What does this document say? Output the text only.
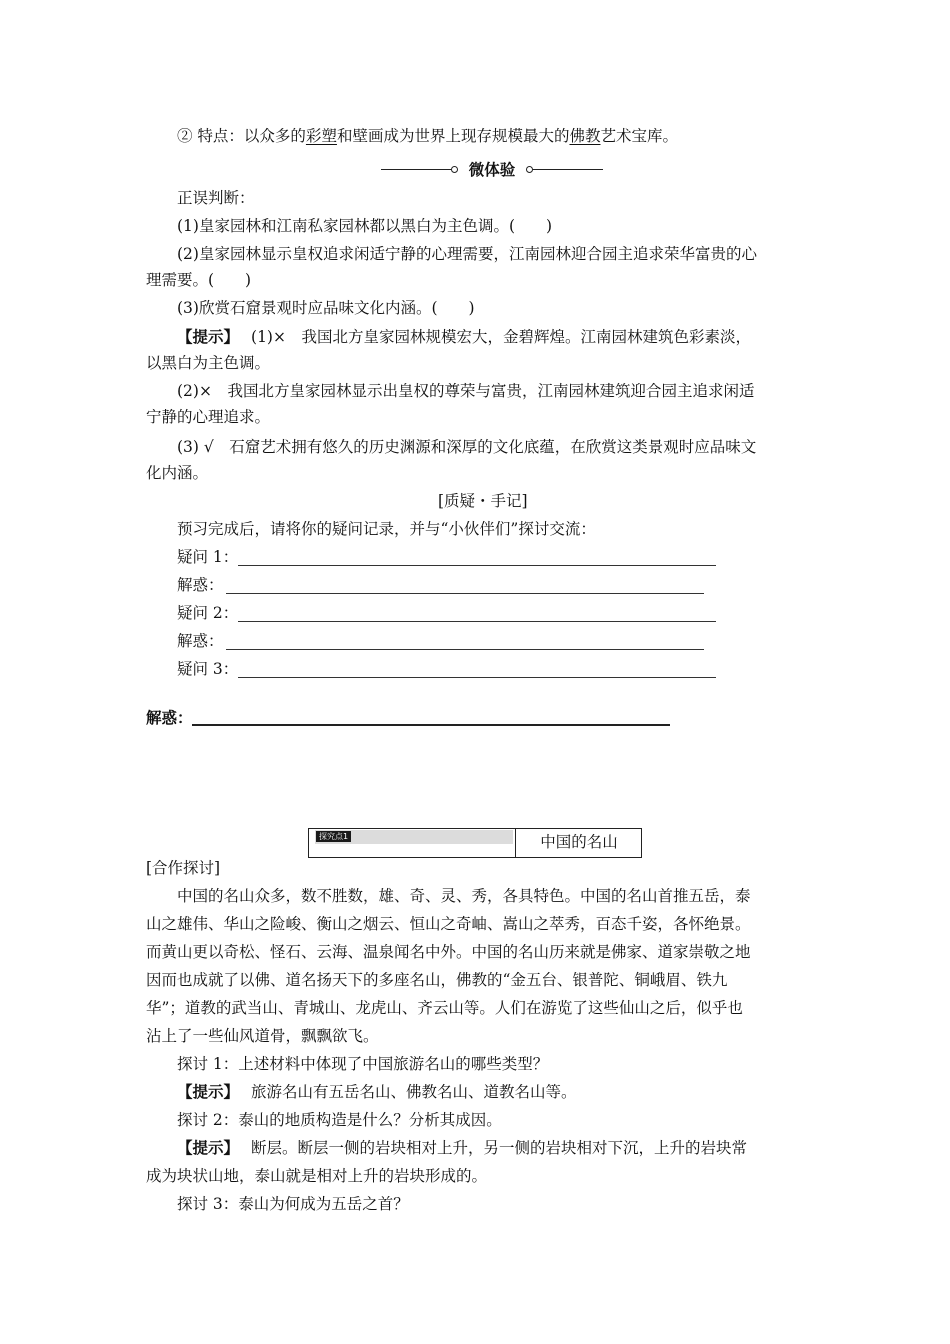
② 特点：以众多的彩塑和壁画成为世界上现存规模最大的佛教艺术宝库。
微体验
正误判断：
(1)皇家园林和江南私家园林都以黑白为主色调。(　　)
(2)皇家园林显示皇权追求闲适宁静的心理需要，江南园林迎合园主追求荣华富贵的心
理需要。(　　)
(3)欣赏石窟景观时应品味文化内涵。(　　)
【提示】 (1)×　我国北方皇家园林规模宏大，金碧辉煌。江南园林建筑色彩素淡，
以黑白为主色调。
(2)×　我国北方皇家园林显示出皇权的尊荣与富贵，江南园林建筑迎合园主追求闲适
宁静的心理追求。
(3) √　石窟艺术拥有悠久的历史渊源和深厚的文化底蕴，在欣赏这类景观时应品味文
化内涵。
[质疑・手记]
预习完成后，请将你的疑问记录，并与“小伙伴们”探讨交流：
疑问 1：
解惑：
疑问 2：
解惑：
疑问 3：
解惑：
探究点1	中国的名山
[合作探讨]
中国的名山众多，数不胜数，雄、奇、灵、秀，各具特色。中国的名山首推五岳，泰
山之雄伟、华山之险峻、衡山之烟云、恒山之奇岫、嵩山之萃秀，百态千姿，各怀绝景。
而黄山更以奇松、怪石、云海、温泉闻名中外。中国的名山历来就是佛家、道家崇敬之地
因而也成就了以佛、道名扬天下的多座名山，佛教的“金五台、银普陀、铜峨眉、铁九
华”；道教的武当山、青城山、龙虎山、齐云山等。人们在游览了这些仙山之后，似乎也
沾上了一些仙风道骨，飘飘欲飞。
探讨 1：上述材料中体现了中国旅游名山的哪些类型？
【提示】 旅游名山有五岳名山、佛教名山、道教名山等。
探讨 2：泰山的地质构造是什么？分析其成因。
【提示】 断层。断层一侧的岩块相对上升，另一侧的岩块相对下沉，上升的岩块常
成为块状山地，泰山就是相对上升的岩块形成的。
探讨 3：泰山为何成为五岳之首？
